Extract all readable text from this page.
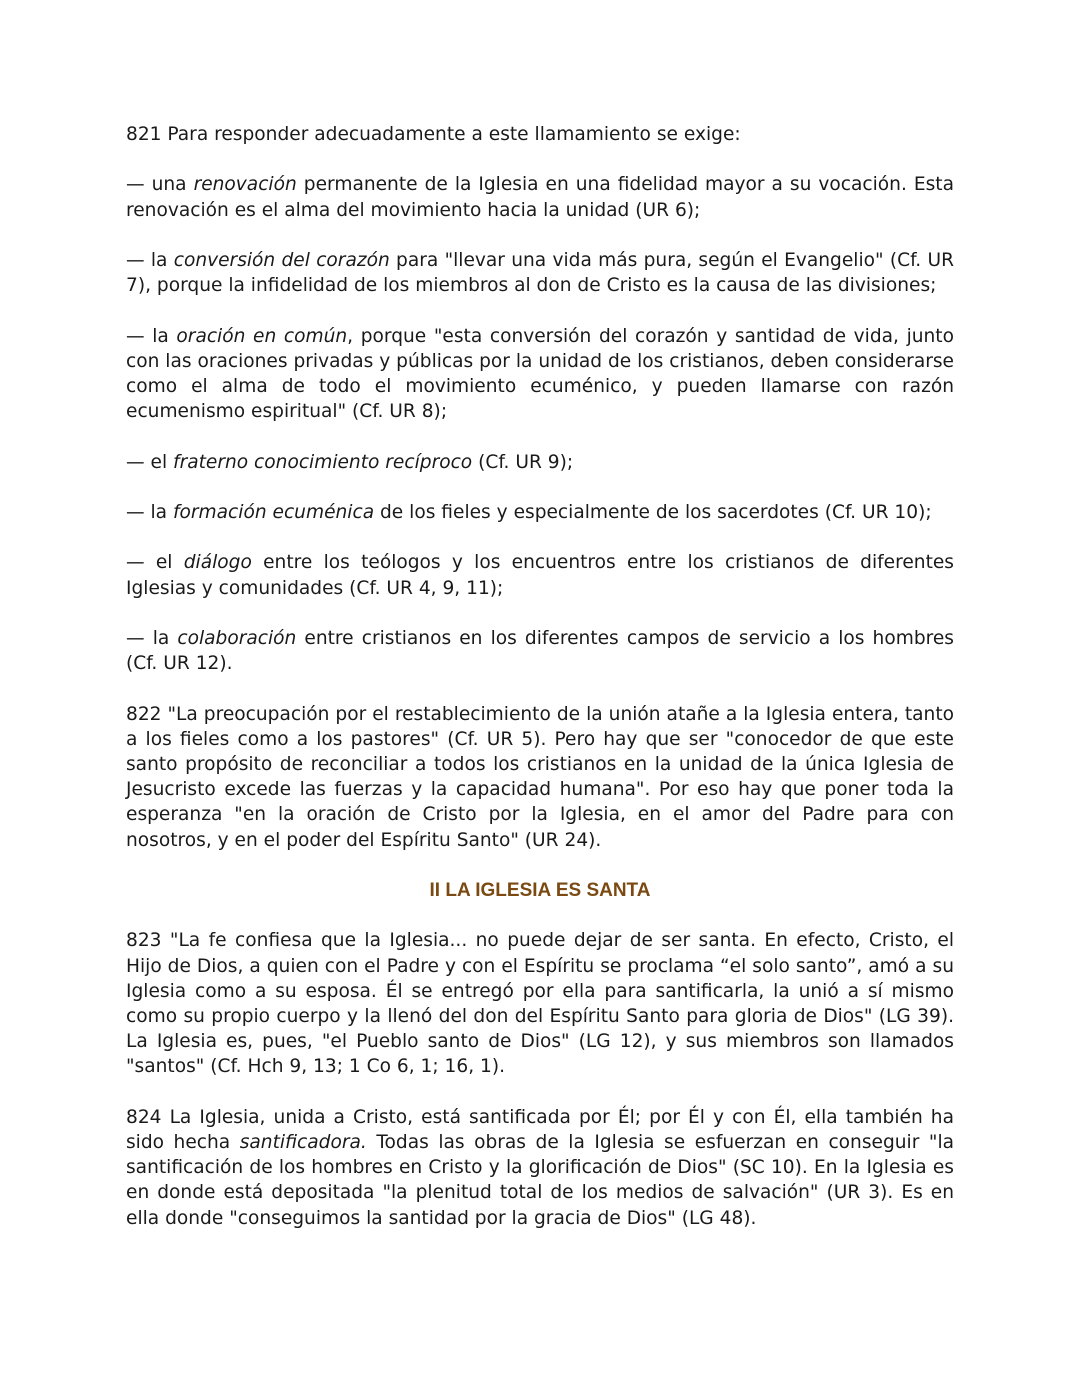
821 Para responder adecuadamente a este llamamiento se exige:

— una renovación permanente de la Iglesia en una fidelidad mayor a su vocación. Esta renovación es el alma del movimiento hacia la unidad (UR 6);

— la conversión del corazón para "llevar una vida más pura, según el Evangelio" (Cf. UR 7), porque la infidelidad de los miembros al don de Cristo es la causa de las divisiones;

— la oración en común, porque "esta conversión del corazón y santidad de vida, junto con las oraciones privadas y públicas por la unidad de los cristianos, deben considerarse como el alma de todo el movimiento ecuménico, y pueden llamarse con razón ecumenismo espiritual" (Cf. UR 8);

— el fraterno conocimiento recíproco (Cf. UR 9);

— la formación ecuménica de los fieles y especialmente de los sacerdotes (Cf. UR 10);

— el diálogo entre los teólogos y los encuentros entre los cristianos de diferentes Iglesias y comunidades (Cf. UR 4, 9, 11);

— la colaboración entre cristianos en los diferentes campos de servicio a los hombres (Cf. UR 12).

822 "La preocupación por el restablecimiento de la unión atañe a la Iglesia entera, tanto a los fieles como a los pastores" (Cf. UR 5). Pero hay que ser "conocedor de que este santo propósito de reconciliar a todos los cristianos en la unidad de la única Iglesia de Jesucristo excede las fuerzas y la capacidad humana". Por eso hay que poner toda la esperanza "en la oración de Cristo por la Iglesia, en el amor del Padre para con nosotros, y en el poder del Espíritu Santo" (UR 24).

II LA IGLESIA ES SANTA

823 "La fe confiesa que la Iglesia... no puede dejar de ser santa. En efecto, Cristo, el Hijo de Dios, a quien con el Padre y con el Espíritu se proclama “el solo santo”, amó a su Iglesia como a su esposa. Él se entregó por ella para santificarla, la unió a sí mismo como su propio cuerpo y la llenó del don del Espíritu Santo para gloria de Dios" (LG 39). La Iglesia es, pues, "el Pueblo santo de Dios" (LG 12), y sus miembros son llamados "santos" (Cf. Hch 9, 13; 1 Co 6, 1; 16, 1).

824 La Iglesia, unida a Cristo, está santificada por Él; por Él y con Él, ella también ha sido hecha santificadora. Todas las obras de la Iglesia se esfuerzan en conseguir "la santificación de los hombres en Cristo y la glorificación de Dios" (SC 10). En la Iglesia es en donde está depositada "la plenitud total de los medios de salvación" (UR 3). Es en ella donde "conseguimos la santidad por la gracia de Dios" (LG 48).
